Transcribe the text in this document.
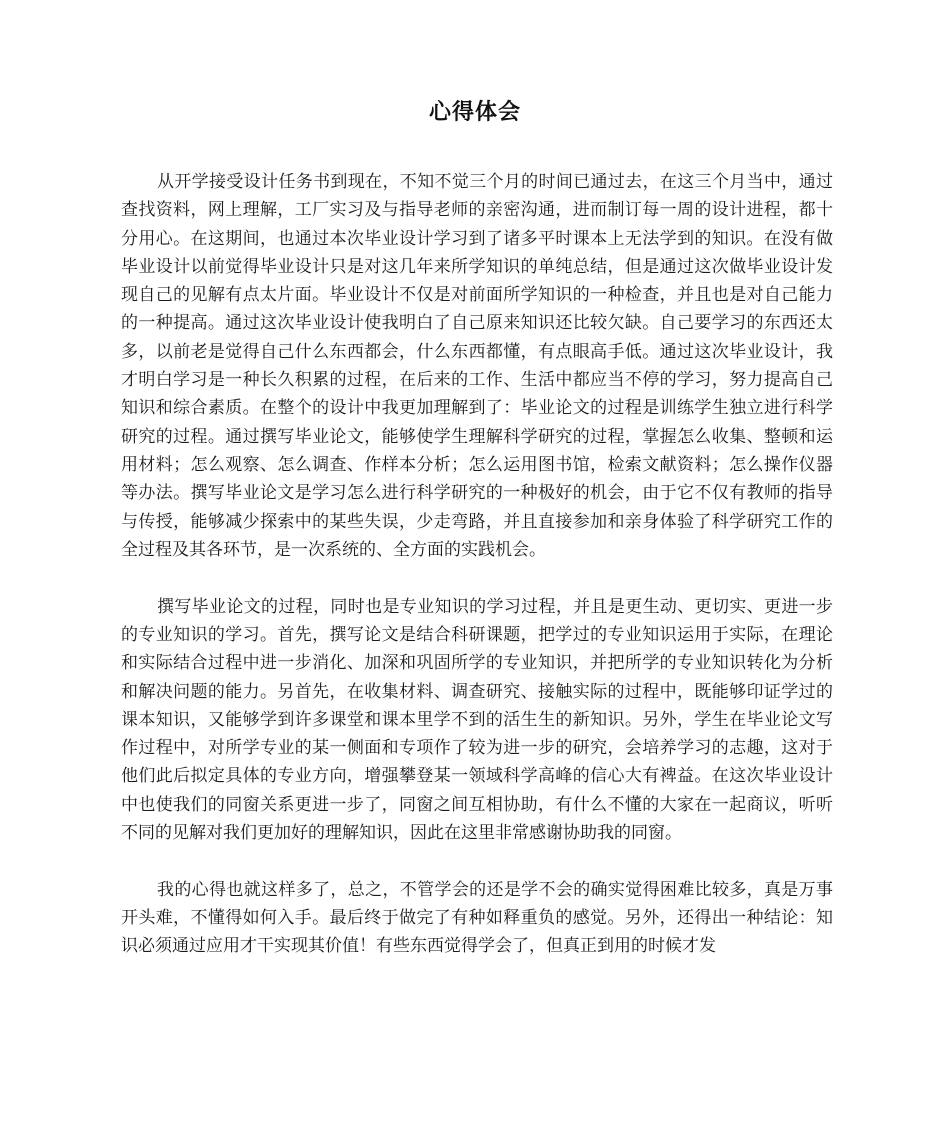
心得体会

从开学接受设计任务书到现在，不知不觉三个月的时间已通过去，在这三个月当中，通过查找资料，网上理解，工厂实习及与指导老师的亲密沟通，进而制订每一周的设计进程，都十分用心。在这期间，也通过本次毕业设计学习到了诸多平时课本上无法学到的知识。在没有做毕业设计以前觉得毕业设计只是对这几年来所学知识的单纯总结，但是通过这次做毕业设计发现自己的见解有点太片面。毕业设计不仅是对前面所学知识的一种检查，并且也是对自己能力的一种提高。通过这次毕业设计使我明白了自己原来知识还比较欠缺。自己要学习的东西还太多，以前老是觉得自己什么东西都会，什么东西都懂，有点眼高手低。通过这次毕业设计，我才明白学习是一种长久积累的过程，在后来的工作、生活中都应当不停的学习，努力提高自己知识和综合素质。在整个的设计中我更加理解到了：毕业论文的过程是训练学生独立进行科学研究的过程。通过撰写毕业论文，能够使学生理解科学研究的过程，掌握怎么收集、整顿和运用材料；怎么观察、怎么调查、作样本分析；怎么运用图书馆，检索文献资料；怎么操作仪器等办法。撰写毕业论文是学习怎么进行科学研究的一种极好的机会，由于它不仅有教师的指导与传授，能够减少探索中的某些失误，少走弯路，并且直接参加和亲身体验了科学研究工作的全过程及其各环节，是一次系统的、全方面的实践机会。

撰写毕业论文的过程，同时也是专业知识的学习过程，并且是更生动、更切实、更进一步的专业知识的学习。首先，撰写论文是结合科研课题，把学过的专业知识运用于实际，在理论和实际结合过程中进一步消化、加深和巩固所学的专业知识，并把所学的专业知识转化为分析和解决问题的能力。另首先，在收集材料、调查研究、接触实际的过程中，既能够印证学过的课本知识，又能够学到许多课堂和课本里学不到的活生生的新知识。另外，学生在毕业论文写作过程中，对所学专业的某一侧面和专项作了较为进一步的研究，会培养学习的志趣，这对于他们此后拟定具体的专业方向，增强攀登某一领域科学高峰的信心大有裨益。在这次毕业设计中也使我们的同窗关系更进一步了，同窗之间互相协助，有什么不懂的大家在一起商议，听听不同的见解对我们更加好的理解知识，因此在这里非常感谢协助我的同窗。

我的心得也就这样多了，总之，不管学会的还是学不会的确实觉得困难比较多，真是万事开头难，不懂得如何入手。最后终于做完了有种如释重负的感觉。另外，还得出一种结论：知识必须通过应用才干实现其价值！有些东西觉得学会了，但真正到用的时候才发
